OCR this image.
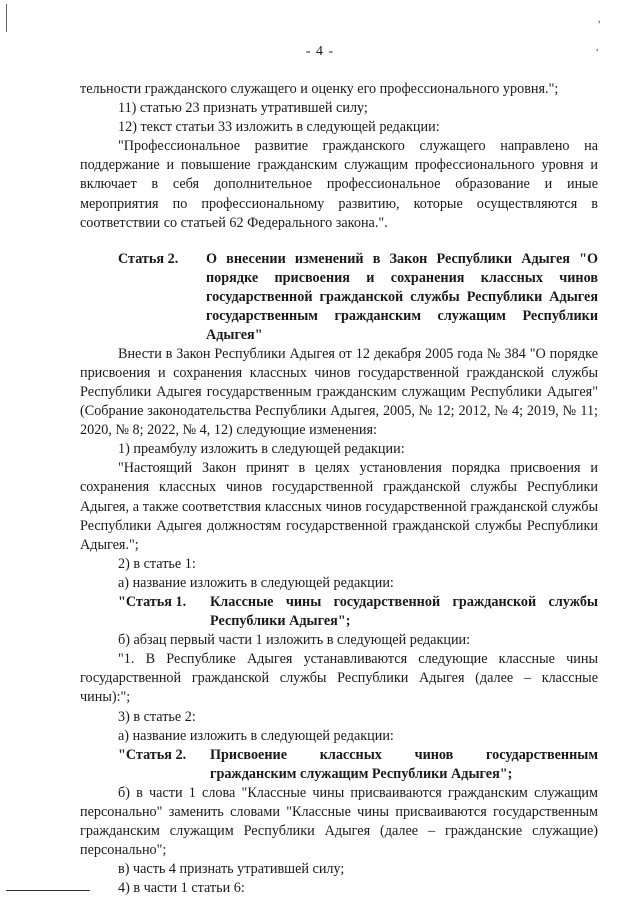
,
,
- 4 -

тельности гражданского служащего и оценку его профессионального уровня.";

11) статью 23 признать утратившей силу;

12) текст статьи 33 изложить в следующей редакции:

"Профессиональное развитие гражданского служащего направлено на поддержание и повышение гражданским служащим профессионального уровня и включает в себя дополнительное профессиональное образование и иные мероприятия по профессиональному развитию, которые осуществляются в соответствии со статьей 62 Федерального закона.".

Статья 2.	О внесении изменений в Закон Республики Адыгея "О порядке присвоения и сохранения классных чинов государственной гражданской службы Республики Адыгея государственным гражданским служащим Республики Адыгея"

Внести в Закон Республики Адыгея от 12 декабря 2005 года № 384 "О порядке присвоения и сохранения классных чинов государственной гражданской службы Республики Адыгея государственным гражданским служащим Республики Адыгея" (Собрание законодательства Республики Адыгея, 2005, № 12; 2012, № 4; 2019, № 11; 2020, № 8; 2022, № 4, 12) следующие изменения:

1) преамбулу изложить в следующей редакции:

"Настоящий Закон принят в целях установления порядка присвоения и сохранения классных чинов государственной гражданской службы Республики Адыгея, а также соответствия классных чинов государственной гражданской службы Республики Адыгея должностям государственной гражданской службы Республики Адыгея.";

2) в статье 1:

а) название изложить в следующей редакции:

"Статья 1.	Классные чины государственной гражданской службы Республики Адыгея";

б) абзац первый части 1 изложить в следующей редакции:

"1. В Республике Адыгея устанавливаются следующие классные чины государственной гражданской службы Республики Адыгея (далее – классные чины):";

3) в статье 2:

а) название изложить в следующей редакции:

"Статья 2.	Присвоение классных чинов государственным гражданским служащим Республики Адыгея";

б) в части 1 слова "Классные чины присваиваются гражданским служащим персонально" заменить словами "Классные чины присваиваются государственным гражданским служащим Республики Адыгея (далее – гражданские служащие) персонально";

в) часть 4 признать утратившей силу;

4) в части 1 статьи 6:
